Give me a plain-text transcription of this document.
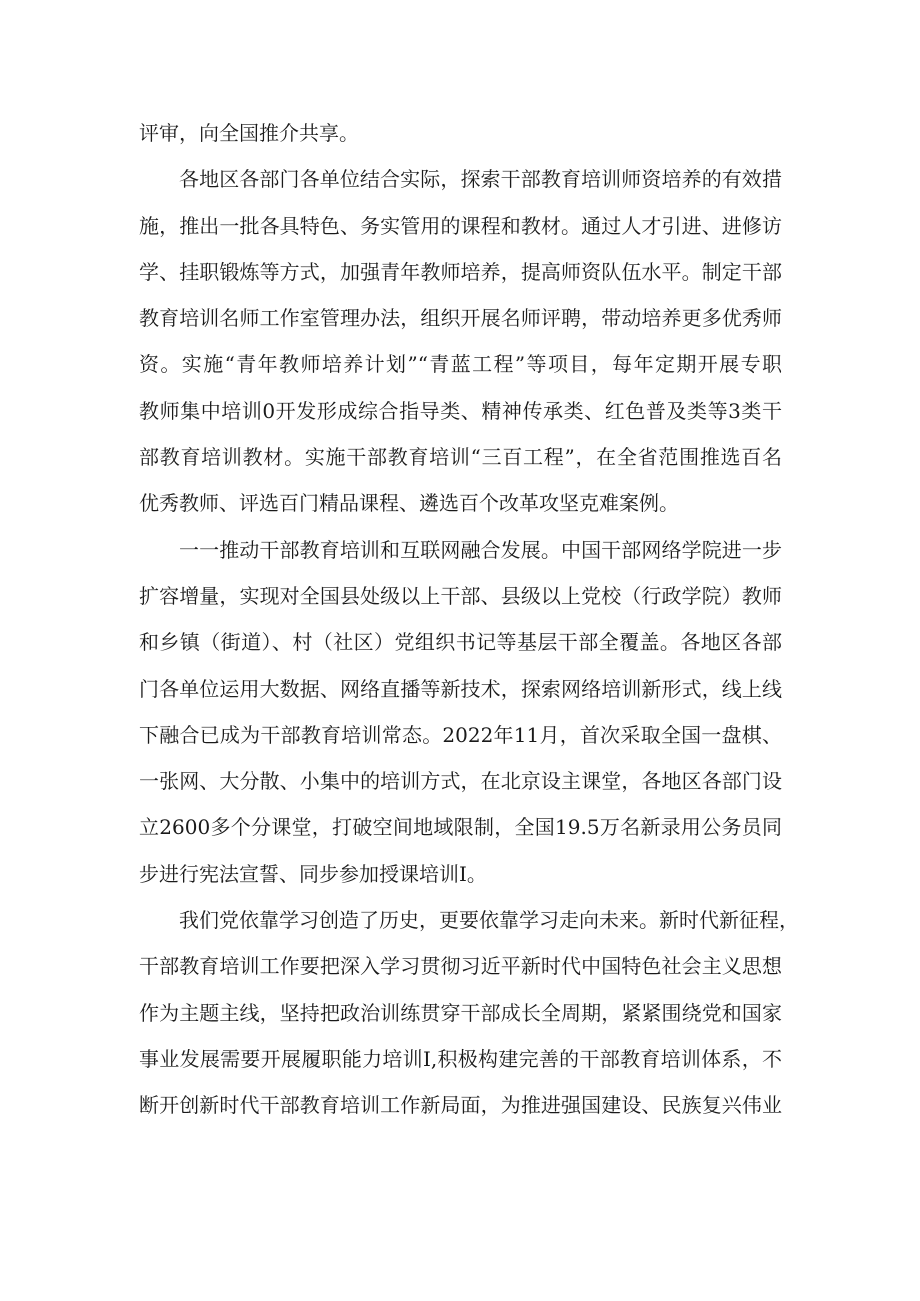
评审，向全国推介共享。
各地区各部门各单位结合实际，探索干部教育培训师资培养的有效措
施，推出一批各具特色、务实管用的课程和教材。通过人才引进、进修访
学、挂职锻炼等方式，加强青年教师培养，提高师资队伍水平。制定干部
教育培训名师工作室管理办法，组织开展名师评聘，带动培养更多优秀师
资。实施“青年教师培养计划”“青蓝工程”等项目，每年定期开展专职
教师集中培训0开发形成综合指导类、精神传承类、红色普及类等3类干
部教育培训教材。实施干部教育培训“三百工程”，在全省范围推选百名
优秀教师、评选百门精品课程、遴选百个改革攻坚克难案例。
一一推动干部教育培训和互联网融合发展。中国干部网络学院进一步
扩容增量，实现对全国县处级以上干部、县级以上党校（行政学院）教师
和乡镇（街道）、村（社区）党组织书记等基层干部全覆盖。各地区各部
门各单位运用大数据、网络直播等新技术，探索网络培训新形式，线上线
下融合已成为干部教育培训常态。2022年11月，首次采取全国一盘棋、
一张网、大分散、小集中的培训方式，在北京设主课堂，各地区各部门设
立2600多个分课堂，打破空间地域限制，全国19.5万名新录用公务员同
步进行宪法宣誓、同步参加授课培训I。
我们党依靠学习创造了历史，更要依靠学习走向未来。新时代新征程，
干部教育培训工作要把深入学习贯彻习近平新时代中国特色社会主义思想
作为主题主线，坚持把政治训练贯穿干部成长全周期，紧紧围绕党和国家
事业发展需要开展履职能力培训I,积极构建完善的干部教育培训体系，不
断开创新时代干部教育培训工作新局面，为推进强国建设、民族复兴伟业
